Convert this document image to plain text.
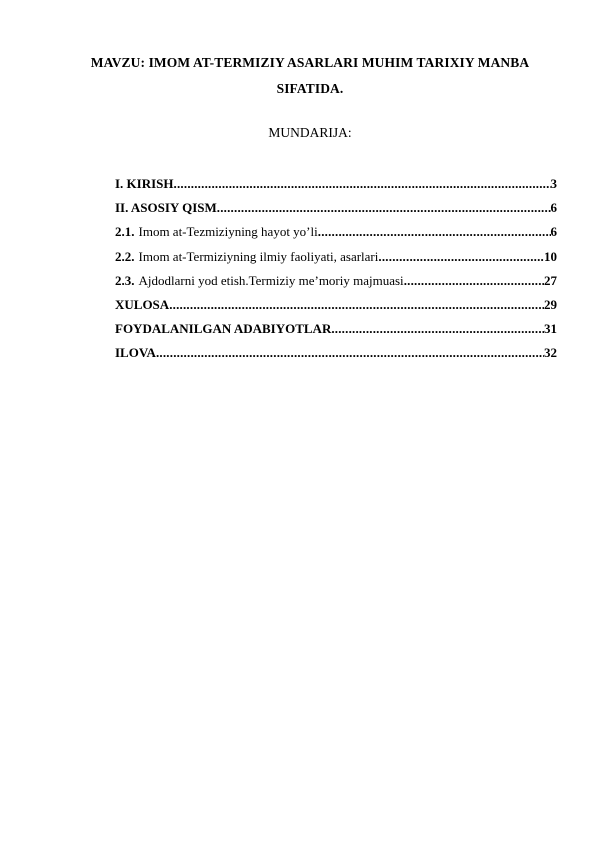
MAVZU: IMOM AT-TERMIZIY ASARLARI MUHIM TARIXIY MANBA
SIFATIDA.
MUNDARIJA:
I. KIRISH .....	3
II. ASOSIY QISM .....	6
2.1. Imom at-Tezmiziyning hayot yo’li .....	6
2.2. Imom at-Termiziyning ilmiy faoliyati, asarlari .....	10
2.3. Ajdodlarni yod etish.Termiziy me’moriy majmuasi .....	27
XULOSA .....	29
FOYDALANILGAN ADABIYOTLAR .....	31
ILOVA .....	32
